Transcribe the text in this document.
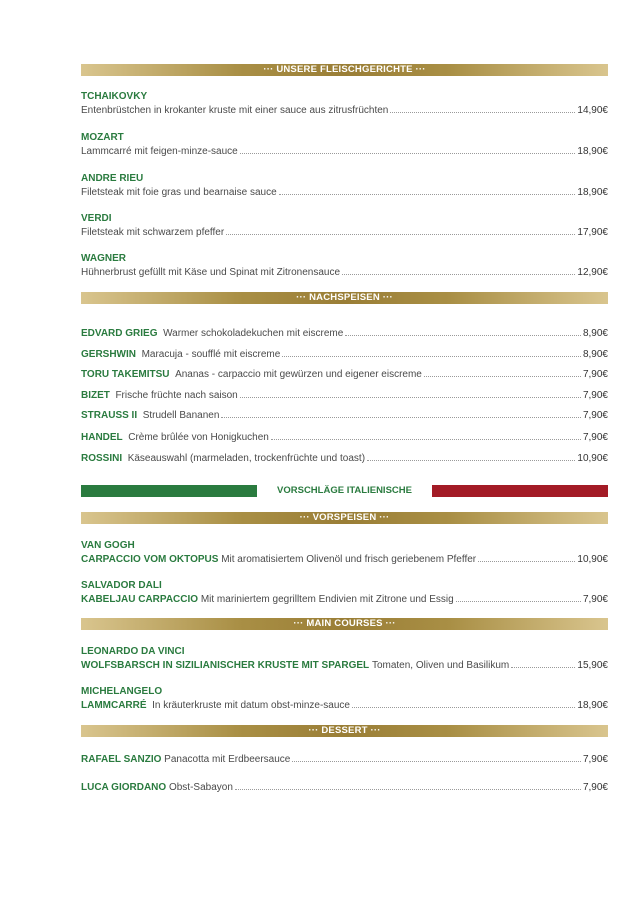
··· UNSERE FLEISCHGERICHTE ···
TCHAIKOVKY
Entenbrüstchen in krokanter kruste mit einer sauce aus zitrusfrüchten	14,90€
MOZART
Lammcarré mit feigen-minze-sauce	18,90€
ANDRE RIEU
Filetsteak mit foie gras und bearnaise sauce	18,90€
VERDI
Filetsteak mit schwarzem pfeffer	17,90€
WAGNER
Hühnerbrust gefüllt mit Käse und Spinat mit Zitronensauce	12,90€
··· NACHSPEISEN ···
EDVARD GRIEG
Warmer schokoladekuchen mit eiscreme	8,90€
GERSHWIN
Maracuja - soufflé mit eiscreme	8,90€
TORU TAKEMITSU
Ananas - carpaccio mit gewürzen und eigener eiscreme	7,90€
BIZET
Frische früchte nach saison	7,90€
STRAUSS II
Strudell Bananen	7,90€
HANDEL
Crème brûlée von Honigkuchen	7,90€
ROSSINI
Käseauswahl (marmeladen, trockenfrüchte und toast)	10,90€
VORSCHLÄGE ITALIENISCHE
··· VORSPEISEN ···
VAN GOGH
CARPACCIO VOM OKTOPUS
Mit aromatisiertem Olivenöl und frisch geriebenem Pfeffer	10,90€
SALVADOR DALI
KABELJAU CARPACCIO
Mit mariniertem gegrilltem Endivien mit Zitrone und Essig	7,90€
··· MAIN COURSES ···
LEONARDO DA VINCI
WOLFSBARSCH IN SIZILIANISCHER KRUSTE MIT SPARGEL
Tomaten, Oliven und Basilikum	15,90€
MICHELANGELO
LAMMCARRÉ
In kräuterkruste mit datum obst-minze-sauce	18,90€
··· DESSERT ···
RAFAEL SANZIO
Panacotta mit Erdbeersauce	7,90€
LUCA GIORDANO
Obst-Sabayon	7,90€
